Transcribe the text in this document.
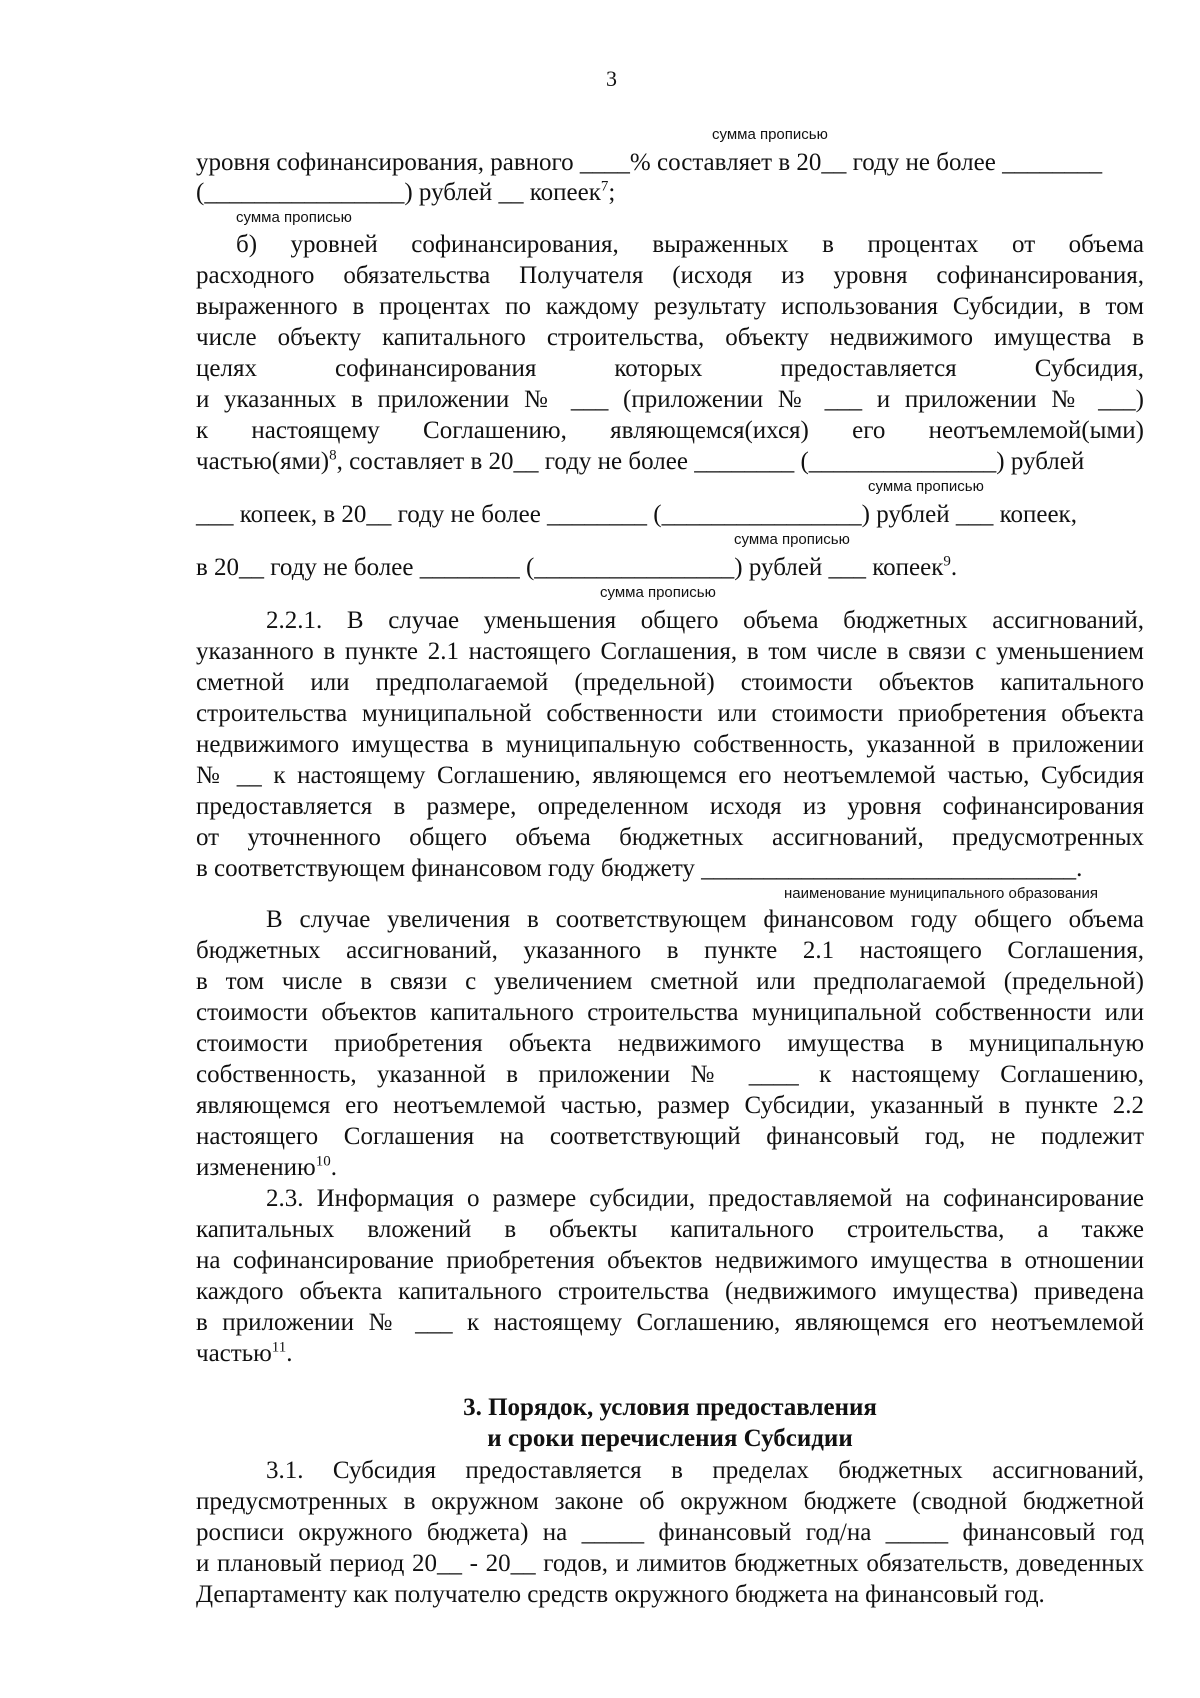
3
сумма прописью
уровня софинансирования, равного ____% составляет в 20__ году не более ________
(________________) рублей __ копеек$^7$;
сумма прописью
б) уровней софинансирования, выраженных в процентах от объема
расходного обязательства Получателя (исходя из уровня софинансирования,
выраженного в процентах по каждому результату использования Субсидии, в том
числе объекту капитального строительства, объекту недвижимого имущества в
целях софинансирования которых предоставляется Субсидия,
и указанных в приложении № ___ (приложении № ___ и приложении № ___)
к настоящему Соглашению, являющемся(ихся) его неотъемлемой(ыми)
частью(ями)$^8$, составляет в 20__ году не более ________ (_______________) рублей
сумма прописью
___ копеек, в 20__ году не более ________ (________________) рублей ___ копеек,
сумма прописью
в 20__ году не более ________ (________________) рублей ___ копеек$^9$.
сумма прописью
2.2.1. В случае уменьшения общего объема бюджетных ассигнований,
указанного в пункте 2.1 настоящего Соглашения, в том числе в связи с уменьшением
сметной или предполагаемой (предельной) стоимости объектов капитального
строительства муниципальной собственности или стоимости приобретения объекта
недвижимого имущества в муниципальную собственность, указанной в приложении
№ __ к настоящему Соглашению, являющемся его неотъемлемой частью, Субсидия
предоставляется в размере, определенном исходя из уровня софинансирования
от уточненного общего объема бюджетных ассигнований, предусмотренных
в соответствующем финансовом году бюджету ______________________________.
наименование муниципального образования
В случае увеличения в соответствующем финансовом году общего объема
бюджетных ассигнований, указанного в пункте 2.1 настоящего Соглашения,
в том числе в связи с увеличением сметной или предполагаемой (предельной)
стоимости объектов капитального строительства муниципальной собственности или
стоимости приобретения объекта недвижимого имущества в муниципальную
собственность, указанной в приложении № ____ к настоящему Соглашению,
являющемся его неотъемлемой частью, размер Субсидии, указанный в пункте 2.2
настоящего Соглашения на соответствующий финансовый год, не подлежит
изменению$^{10}$.
2.3. Информация о размере субсидии, предоставляемой на софинансирование
капитальных вложений в объекты капитального строительства, а также
на софинансирование приобретения объектов недвижимого имущества в отношении
каждого объекта капитального строительства (недвижимого имущества) приведена
в приложении № ___ к настоящему Соглашению, являющемся его неотъемлемой
частью$^{11}$.
3. Порядок, условия предоставления
и сроки перечисления Субсидии
3.1. Субсидия предоставляется в пределах бюджетных ассигнований,
предусмотренных в окружном законе об окружном бюджете (сводной бюджетной
росписи окружного бюджета) на _____ финансовый год/на _____ финансовый год
и плановый период 20__ - 20__ годов, и лимитов бюджетных обязательств, доведенных
Департаменту как получателю средств окружного бюджета на финансовый год.
